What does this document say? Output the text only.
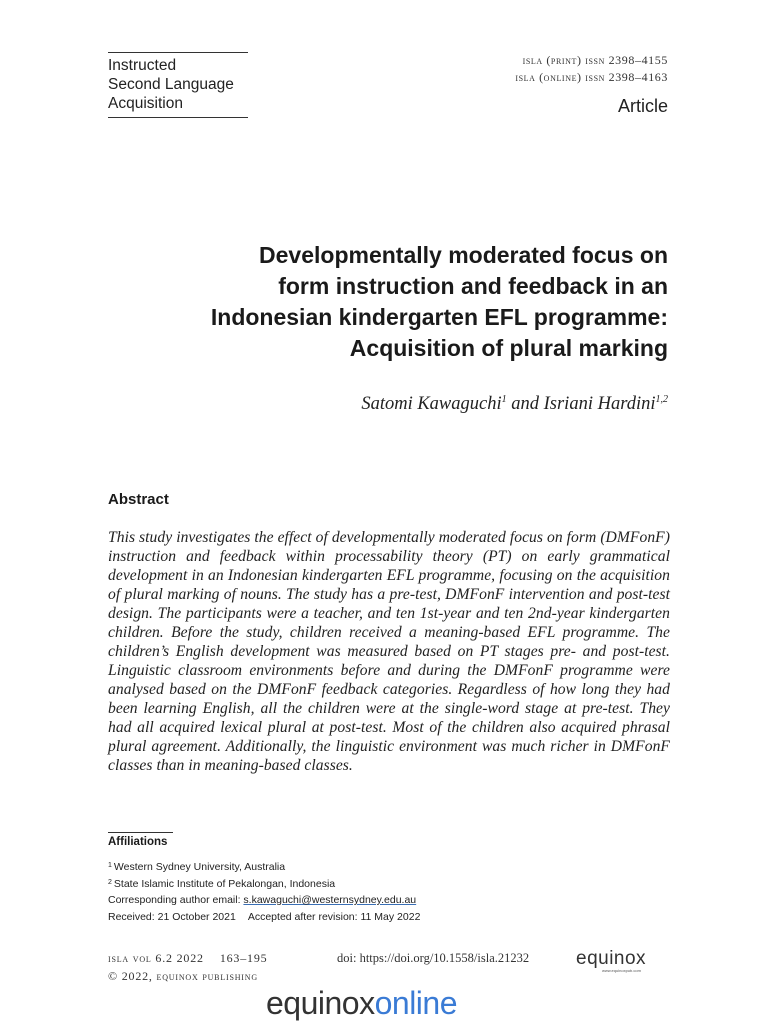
Instructed
Second Language
Acquisition
isla (print) issn 2398–4155
isla (online) issn 2398–4163
Article
Developmentally moderated focus on
form instruction and feedback in an
Indonesian kindergarten EFL programme:
Acquisition of plural marking
Satomi Kawaguchi$^1$ and Isriani Hardini$^{1,2}$
Abstract
This study investigates the effect of developmentally moderated focus on form (DMFonF) instruction and feedback within processability theory (PT) on early grammatical development in an Indonesian kindergarten EFL programme, focusing on the acquisition of plural marking of nouns. The study has a pre-test, DMFonF intervention and post-test design. The participants were a teacher, and ten 1st-year and ten 2nd-year kindergarten children. Before the study, children received a meaning-based EFL programme. The children’s English development was measured based on PT stages pre- and post-test. Linguistic classroom environments before and during the DMFonF programme were analysed based on the DMFonF feedback categories. Regardless of how long they had been learning English, all the children were at the single-word stage at pre-test. They had all acquired lexical plural at post-test. Most of the children also acquired phrasal plural agreement. Additionally, the linguistic environment was much richer in DMFonF classes than in meaning-based classes.
Affiliations
$^1$ Western Sydney University, Australia
$^2$ State Islamic Institute of Pekalongan, Indonesia
Corresponding author email: s.kawaguchi@westernsydney.edu.au
Received: 21 October 2021 Accepted after revision: 11 May 2022
isla vol 6.2 2022 163–195
© 2022, equinox publishing
doi: https://doi.org/10.1558/isla.21232 equinox
www.equinoxpub.com
equinoxonline
